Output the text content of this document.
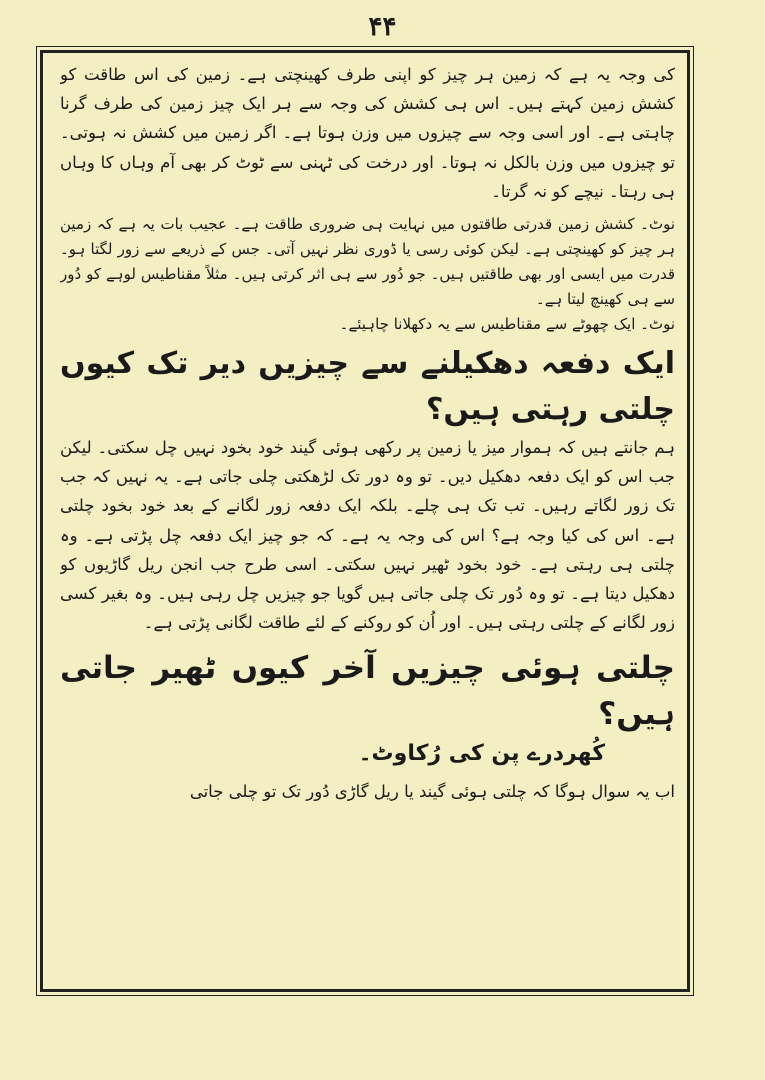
۴۴

کی وجہ یہ ہے کہ زمین ہر چیز کو اپنی طرف کھینچتی ہے۔ زمین کی اس طاقت کو کشش زمین کہتے ہیں۔ اس ہی کشش کی وجہ سے ہر ایک چیز زمین کی طرف گرنا چاہتی ہے۔ اور اسی وجہ سے چیزوں میں وزن ہوتا ہے۔ اگر زمین میں کشش نہ ہوتی۔ تو چیزوں میں وزن بالکل نہ ہوتا۔ اور درخت کی ٹہنی سے ٹوٹ کر بھی آم وہاں کا وہاں ہی رہتا۔ نیچے کو نہ گرتا۔

نوٹ۔ کشش زمین قدرتی طاقتوں میں نہایت ہی ضروری طاقت ہے۔ عجیب بات یہ ہے کہ زمین ہر چیز کو کھینچتی ہے۔ لیکن کوئی رسی یا ڈوری نظر نہیں آتی۔ جس کے ذریعے سے زور لگتا ہو۔ قدرت میں ایسی اور بھی طاقتیں ہیں۔ جو دُور سے ہی اثر کرتی ہیں۔ مثلاً مقناطیس لوہے کو دُور سے ہی کھینچ لیتا ہے۔

نوٹ۔ ایک چھوٹے سے مقناطیس سے یہ دکھلانا چاہیئے۔

ایک دفعہ دھکیلنے سے چیزیں دیر تک کیوں چلتی رہتی ہیں؟

ہم جانتے ہیں کہ ہموار میز یا زمین پر رکھی ہوئی گیند خود بخود نہیں چل سکتی۔ لیکن جب اس کو ایک دفعہ دھکیل دیں۔ تو وہ دور تک لڑھکتی چلی جاتی ہے۔ یہ نہیں کہ جب تک زور لگاتے رہیں۔ تب تک ہی چلے۔ بلکہ ایک دفعہ زور لگانے کے بعد خود بخود چلتی ہے۔ اس کی کیا وجہ ہے؟ اس کی وجہ یہ ہے۔ کہ جو چیز ایک دفعہ چل پڑتی ہے۔ وہ چلتی ہی رہتی ہے۔ خود بخود ٹھیر نہیں سکتی۔ اسی طرح جب انجن ریل گاڑیوں کو دھکیل دیتا ہے۔ تو وہ دُور تک چلی جاتی ہیں گویا جو چیزیں چل رہی ہیں۔ وہ بغیر کسی زور لگانے کے چلتی رہتی ہیں۔ اور اُن کو روکنے کے لئے طاقت لگانی پڑتی ہے۔

چلتی ہوئی چیزیں آخر کیوں ٹھیر جاتی ہیں؟
کُھردرے پن کی رُکاوٹ۔

اب یہ سوال ہوگا کہ چلتی ہوئی گیند یا ریل گاڑی دُور تک تو چلی جاتی
